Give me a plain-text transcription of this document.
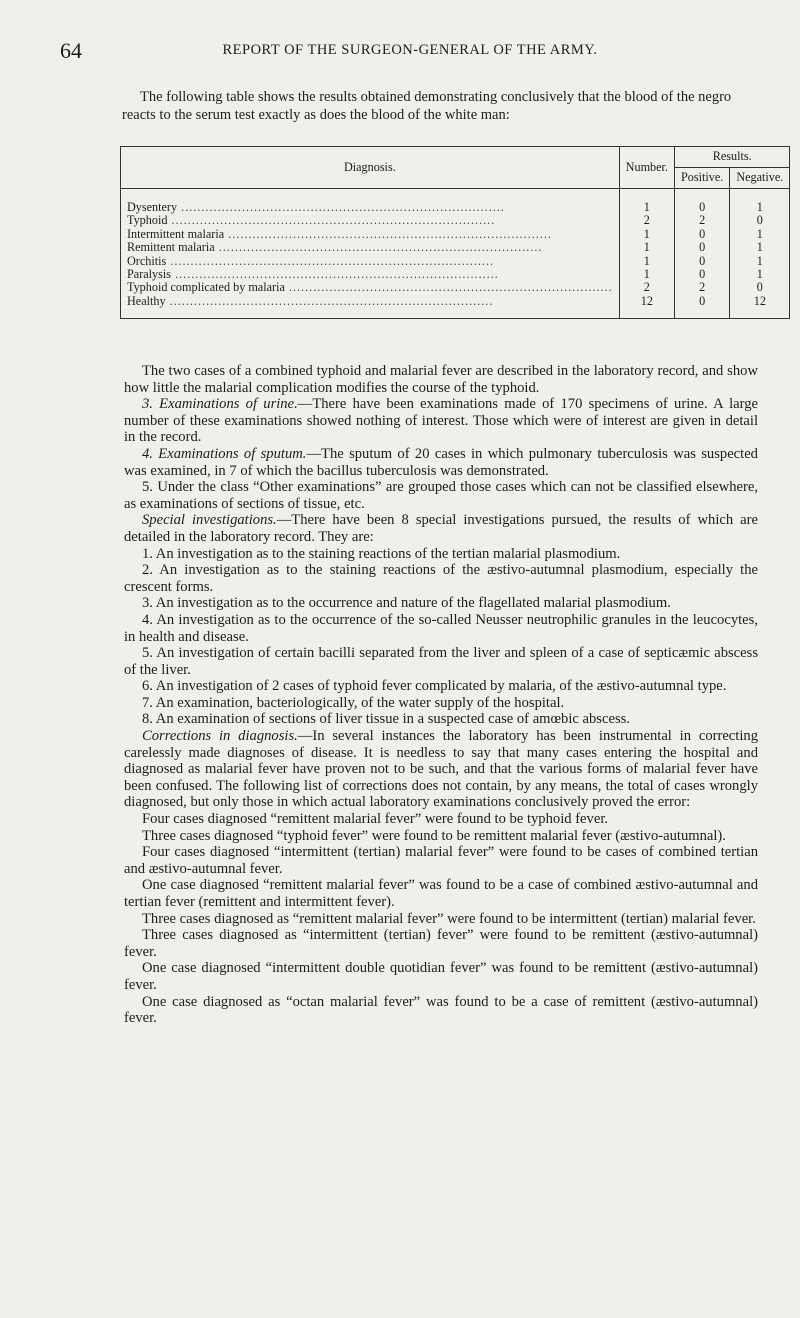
64	REPORT OF THE SURGEON-GENERAL OF THE ARMY.

The following table shows the results obtained demonstrating conclusively that the blood of the negro reacts to the serum test exactly as does the blood of the white man:

Diagnosis.	Number.	Results.	
		Positive.	Negative.
Dysentery ................................................................................	1	0	1
Typhoid ................................................................................	2	2	0
Intermittent malaria ................................................................................	1	0	1
Remittent malaria ................................................................................	1	0	1
Orchitis ................................................................................	1	0	1
Paralysis ................................................................................	1	0	1
Typhoid complicated by malaria ................................................................................	2	2	0
Healthy ................................................................................	12	0	12

The two cases of a combined typhoid and malarial fever are described in the laboratory record, and show how little the malarial complication modifies the course of the typhoid.

3. Examinations of urine.—There have been examinations made of 170 specimens of urine. A large number of these examinations showed nothing of interest. Those which were of interest are given in detail in the record.

4. Examinations of sputum.—The sputum of 20 cases in which pulmonary tuberculosis was suspected was examined, in 7 of which the bacillus tuberculosis was demonstrated.

5. Under the class “Other examinations” are grouped those cases which can not be classified elsewhere, as examinations of sections of tissue, etc.

Special investigations.—There have been 8 special investigations pursued, the results of which are detailed in the laboratory record. They are:

1. An investigation as to the staining reactions of the tertian malarial plasmodium.

2. An investigation as to the staining reactions of the æstivo-autumnal plasmodium, especially the crescent forms.

3. An investigation as to the occurrence and nature of the flagellated malarial plasmodium.

4. An investigation as to the occurrence of the so-called Neusser neutrophilic granules in the leucocytes, in health and disease.

5. An investigation of certain bacilli separated from the liver and spleen of a case of septicæmic abscess of the liver.

6. An investigation of 2 cases of typhoid fever complicated by malaria, of the æstivo-autumnal type.

7. An examination, bacteriologically, of the water supply of the hospital.

8. An examination of sections of liver tissue in a suspected case of amœbic abscess.

Corrections in diagnosis.—In several instances the laboratory has been instrumental in correcting carelessly made diagnoses of disease. It is needless to say that many cases entering the hospital and diagnosed as malarial fever have proven not to be such, and that the various forms of malarial fever have been confused. The following list of corrections does not contain, by any means, the total of cases wrongly diagnosed, but only those in which actual laboratory examinations conclusively proved the error:

Four cases diagnosed “remittent malarial fever” were found to be typhoid fever.

Three cases diagnosed “typhoid fever” were found to be remittent malarial fever (æstivo-autumnal).

Four cases diagnosed “intermittent (tertian) malarial fever” were found to be cases of combined tertian and æstivo-autumnal fever.

One case diagnosed “remittent malarial fever” was found to be a case of combined æstivo-autumnal and tertian fever (remittent and intermittent fever).

Three cases diagnosed as “remittent malarial fever” were found to be intermittent (tertian) malarial fever.

Three cases diagnosed as “intermittent (tertian) fever” were found to be remittent (æstivo-autumnal) fever.

One case diagnosed “intermittent double quotidian fever” was found to be remittent (æstivo-autumnal) fever.

One case diagnosed as “octan malarial fever” was found to be a case of remittent (æstivo-autumnal) fever.
